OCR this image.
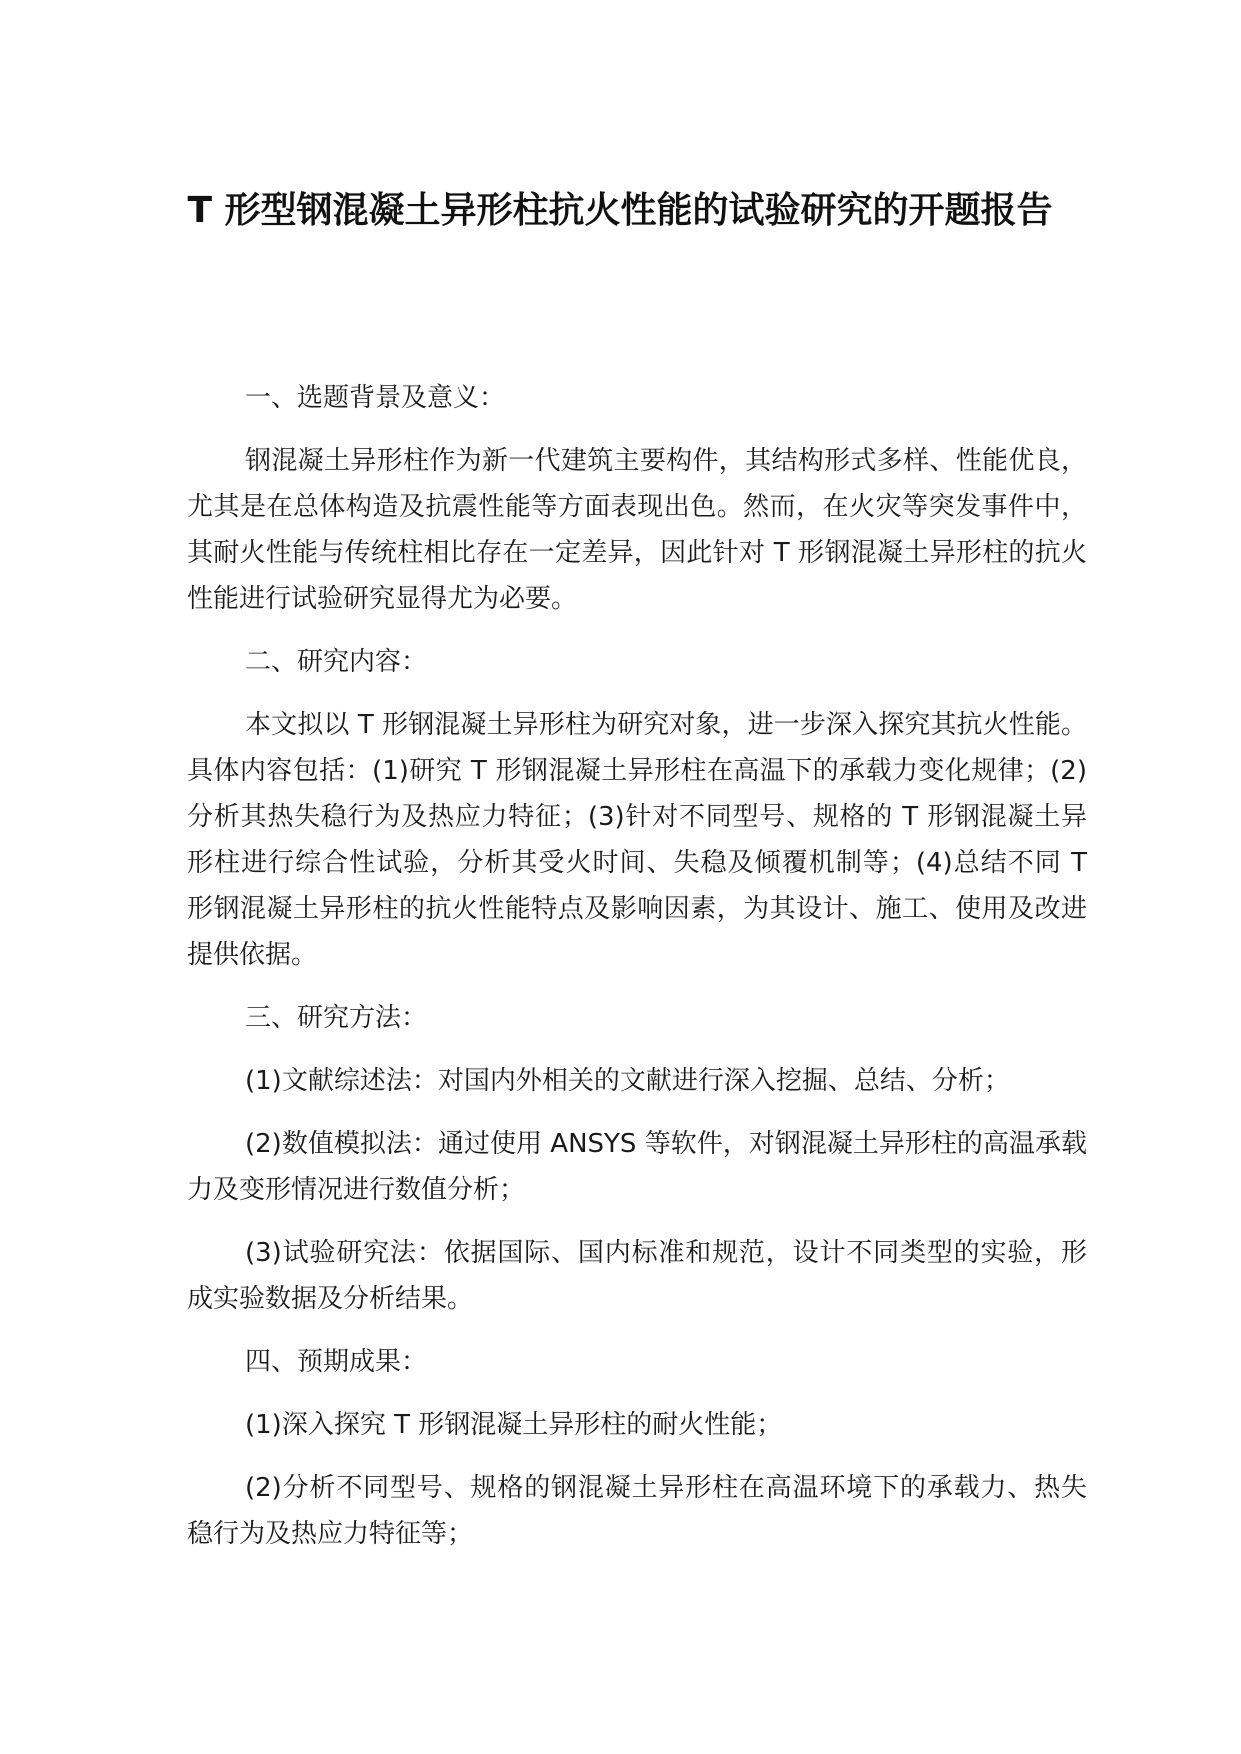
T 形型钢混凝土异形柱抗火性能的试验研究的开题报告

一、选题背景及意义：

钢混凝土异形柱作为新一代建筑主要构件，其结构形式多样、性能优良，尤其是在总体构造及抗震性能等方面表现出色。然而，在火灾等突发事件中，其耐火性能与传统柱相比存在一定差异，因此针对 T 形钢混凝土异形柱的抗火性能进行试验研究显得尤为必要。

二、研究内容：

本文拟以 T 形钢混凝土异形柱为研究对象，进一步深入探究其抗火性能。具体内容包括：(1)研究 T 形钢混凝土异形柱在高温下的承载力变化规律；(2)分析其热失稳行为及热应力特征；(3)针对不同型号、规格的 T 形钢混凝土异形柱进行综合性试验，分析其受火时间、失稳及倾覆机制等；(4)总结不同 T 形钢混凝土异形柱的抗火性能特点及影响因素，为其设计、施工、使用及改进提供依据。

三、研究方法：

(1)文献综述法：对国内外相关的文献进行深入挖掘、总结、分析；

(2)数值模拟法：通过使用 ANSYS 等软件，对钢混凝土异形柱的高温承载力及变形情况进行数值分析；

(3)试验研究法：依据国际、国内标准和规范，设计不同类型的实验，形成实验数据及分析结果。

四、预期成果：

(1)深入探究 T 形钢混凝土异形柱的耐火性能；

(2)分析不同型号、规格的钢混凝土异形柱在高温环境下的承载力、热失稳行为及热应力特征等；
